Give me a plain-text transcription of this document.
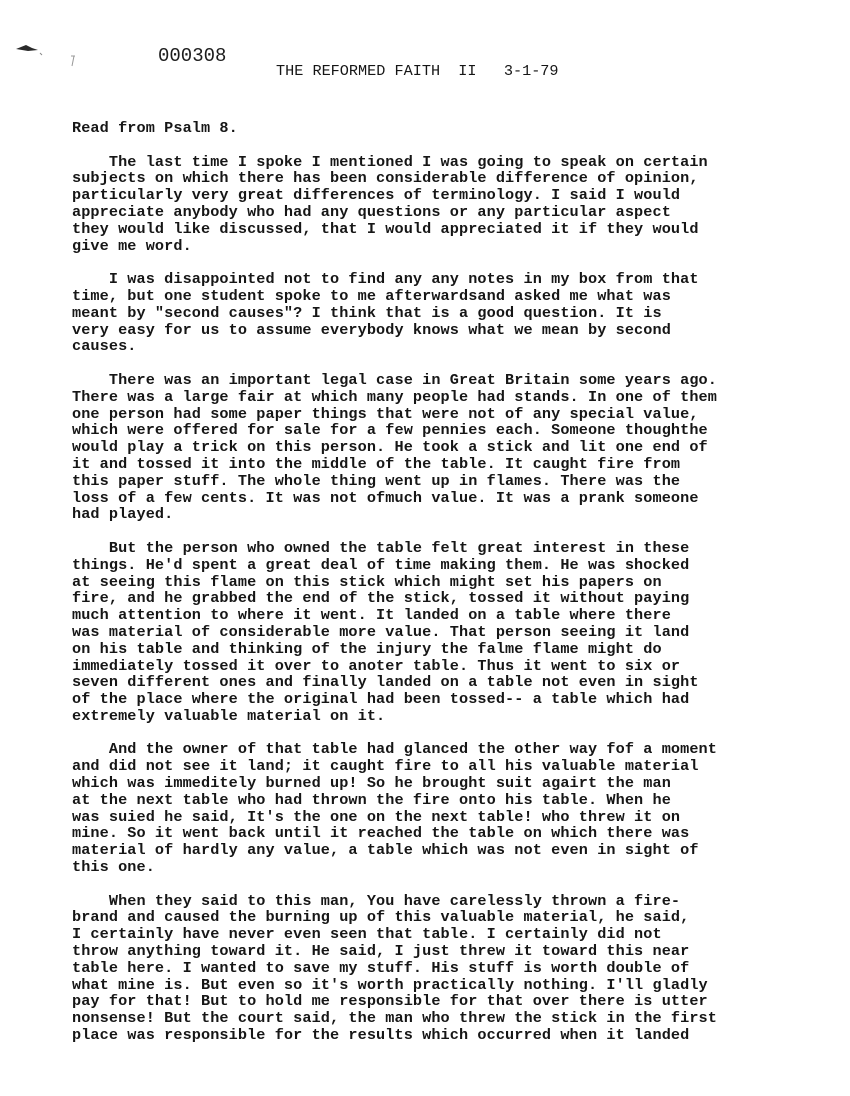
000308
THE REFORMED FAITH  II   3-1-79
Read from Psalm 8.
The last time I spoke I mentioned I was going to speak on certain
subjects on which there has been considerable difference of opinion,
particularly very great differences of terminology. I said I would
appreciate anybody who had any questions or any particular aspect
they would like discussed, that I would appreciated it if they would
give me word.
I was disappointed not to find any any notes in my box from that
time, but one student spoke to me afterwardsand asked me what was
meant by "second causes"? I think that is a good question. It is
very easy for us to assume everybody knows what we mean by second
causes.
There was an important legal case in Great Britain some years ago.
There was a large fair at which many people had stands. In one of them
one person had some paper things that were not of any special value,
which were offered for sale for a few pennies each. Someone thoughthe
would play a trick on this person. He took a stick and lit one end of
it and tossed it into the middle of the table. It caught fire from
this paper stuff. The whole thing went up in flames. There was the
loss of a few cents. It was not ofmuch value. It was a prank someone
had played.
But the person who owned the table felt great interest in these
things. He'd spent a great deal of time making them. He was shocked
at seeing this flame on this stick which might set his papers on
fire, and he grabbed the end of the stick, tossed it without paying
much attention to where it went. It landed on a table where there
was material of considerable more value. That person seeing it land
on his table and thinking of the injury the falme flame might do
immediately tossed it over to anoter table. Thus it went to six or
seven different ones and finally landed on a table not even in sight
of the place where the original had been tossed-- a table which had
extremely valuable material on it.
And the owner of that table had glanced the other way fof a moment
and did not see it land; it caught fire to all his valuable material
which was immeditely burned up! So he brought suit agairt the man
at the next table who had thrown the fire onto his table. When he
was suied he said, It's the one on the next table! who threw it on
mine. So it went back until it reached the table on which there was
material of hardly any value, a table which was not even in sight of
this one.
When they said to this man, You have carelessly thrown a fire-
brand and caused the burning up of this valuable material, he said,
I certainly have never even seen that table. I certainly did not
throw anything toward it. He said, I just threw it toward this near
table here. I wanted to save my stuff. His stuff is worth double of
what mine is. But even so it's worth practically nothing. I'll gladly
pay for that! But to hold me responsible for that over there is utter
nonsense! But the court said, the man who threw the stick in the first
place was responsible for the results which occurred when it landed
